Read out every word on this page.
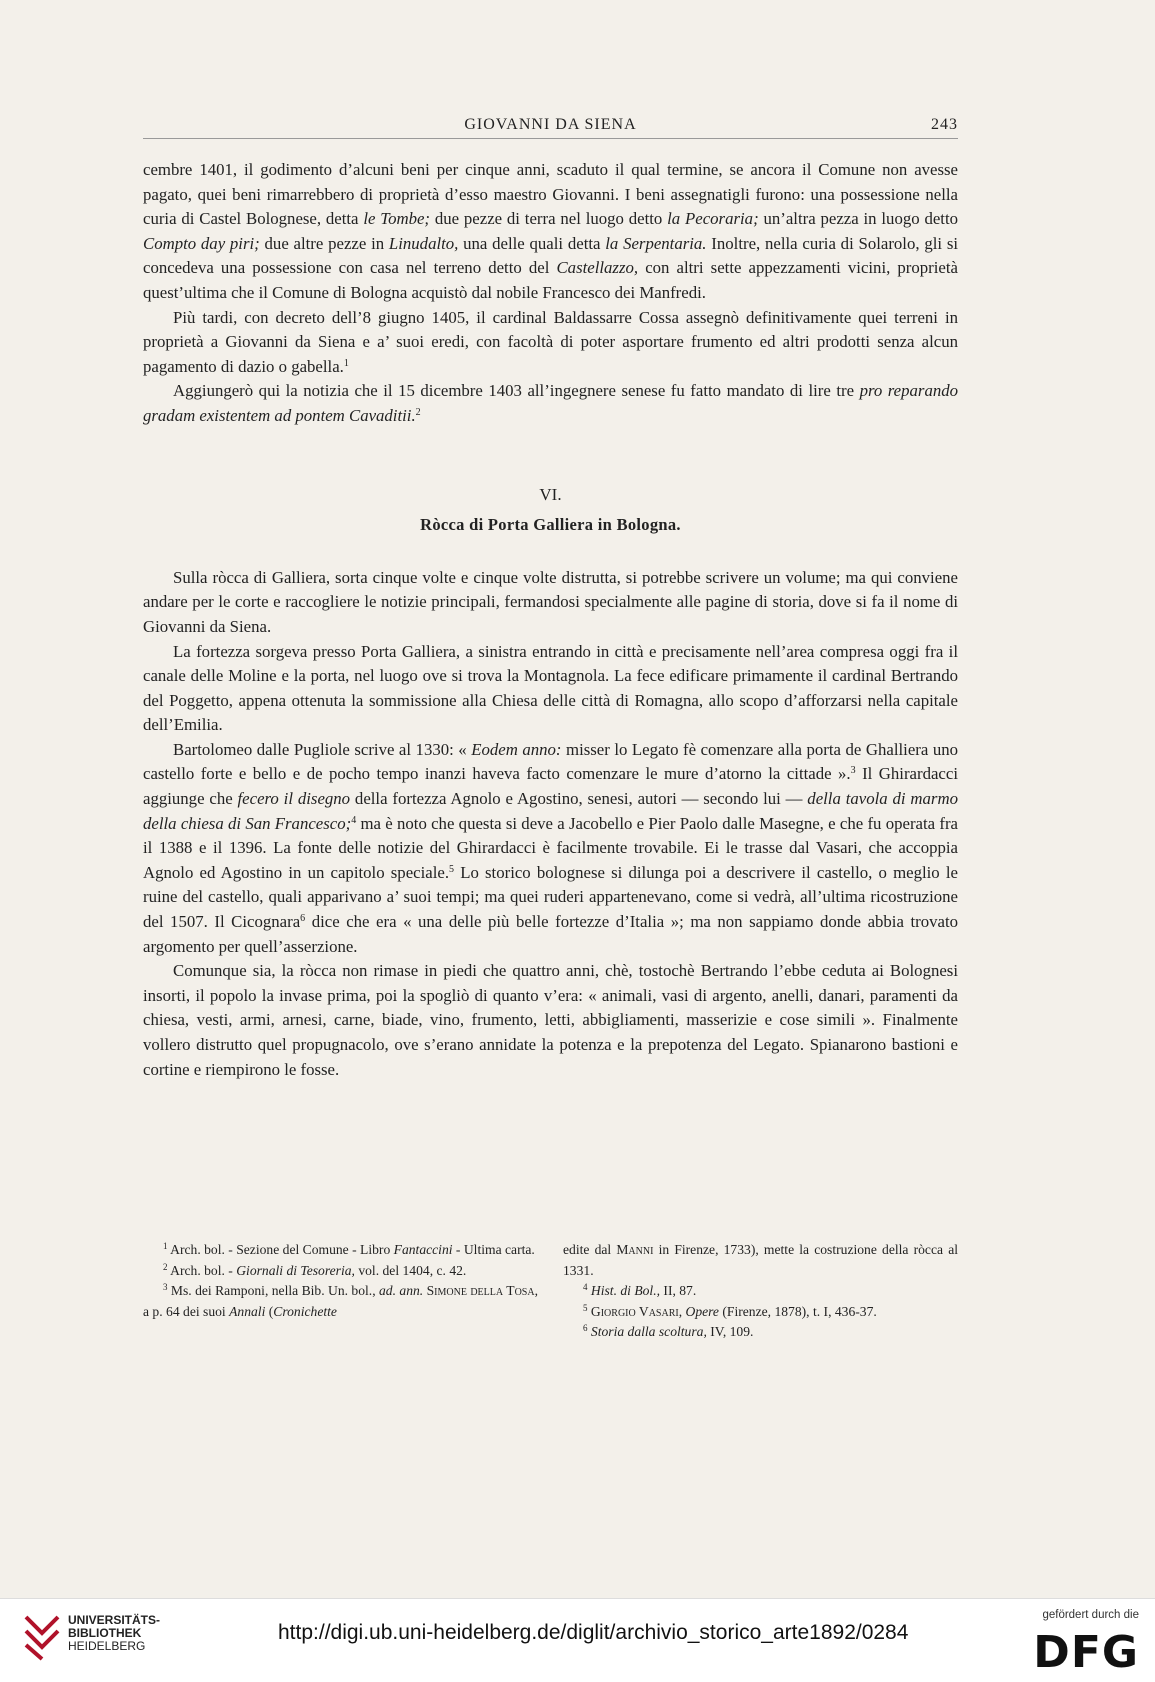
GIOVANNI DA SIENA	243

cembre 1401, il godimento d’alcuni beni per cinque anni, scaduto il qual termine, se ancora il Comune non avesse pagato, quei beni rimarrebbero di proprietà d’esso maestro Giovanni. I beni assegnatigli furono: una possessione nella curia di Castel Bolognese, detta le Tombe; due pezze di terra nel luogo detto la Pecoraria; un’altra pezza in luogo detto Compto day piri; due altre pezze in Linudalto, una delle quali detta la Serpentaria. Inoltre, nella curia di Solarolo, gli si concedeva una possessione con casa nel terreno detto del Castellazzo, con altri sette appezzamenti vicini, proprietà quest’ultima che il Comune di Bologna acquistò dal nobile Francesco dei Manfredi.

Più tardi, con decreto dell’8 giugno 1405, il cardinal Baldassarre Cossa assegnò definitivamente quei terreni in proprietà a Giovanni da Siena e a’ suoi eredi, con facoltà di poter asportare frumento ed altri prodotti senza alcun pagamento di dazio o gabella.$^1$

Aggiungerò qui la notizia che il 15 dicembre 1403 all’ingegnere senese fu fatto mandato di lire tre pro reparando gradam existentem ad pontem Cavaditii.$^2$

VI.
Ròcca di Porta Galliera in Bologna.

Sulla ròcca di Galliera, sorta cinque volte e cinque volte distrutta, si potrebbe scrivere un volume; ma qui conviene andare per le corte e raccogliere le notizie principali, fermandosi specialmente alle pagine di storia, dove si fa il nome di Giovanni da Siena.

La fortezza sorgeva presso Porta Galliera, a sinistra entrando in città e precisamente nell’area compresa oggi fra il canale delle Moline e la porta, nel luogo ove si trova la Montagnola. La fece edificare primamente il cardinal Bertrando del Poggetto, appena ottenuta la sommissione alla Chiesa delle città di Romagna, allo scopo d’afforzarsi nella capitale dell’Emilia.

Bartolomeo dalle Pugliole scrive al 1330: « Eodem anno: misser lo Legato fè comenzare alla porta de Ghalliera uno castello forte e bello e de pocho tempo inanzi haveva facto comenzare le mure d’atorno la cittade ».$^3$ Il Ghirardacci aggiunge che fecero il disegno della fortezza Agnolo e Agostino, senesi, autori — secondo lui — della tavola di marmo della chiesa di San Francesco;$^4$ ma è noto che questa si deve a Jacobello e Pier Paolo dalle Masegne, e che fu operata fra il 1388 e il 1396. La fonte delle notizie del Ghirardacci è facilmente trovabile. Ei le trasse dal Vasari, che accoppia Agnolo ed Agostino in un capitolo speciale.$^5$ Lo storico bolognese si dilunga poi a descrivere il castello, o meglio le ruine del castello, quali apparivano a’ suoi tempi; ma quei ruderi appartenevano, come si vedrà, all’ultima ricostruzione del 1507. Il Cicognara$^6$ dice che era « una delle più belle fortezze d’Italia »; ma non sappiamo donde abbia trovato argomento per quell’asserzione.

Comunque sia, la ròcca non rimase in piedi che quattro anni, chè, tostochè Bertrando l’ebbe ceduta ai Bolognesi insorti, il popolo la invase prima, poi la spogliò di quanto v’era: « animali, vasi di argento, anelli, danari, paramenti da chiesa, vesti, armi, arnesi, carne, biade, vino, frumento, letti, abbigliamenti, masserizie e cose simili ». Finalmente vollero distrutto quel propugnacolo, ove s’erano annidate la potenza e la prepotenza del Legato. Spianarono bastioni e cortine e riempirono le fosse.

$^1$ Arch. bol. - Sezione del Comune - Libro Fantaccini - Ultima carta.

$^2$ Arch. bol. - Giornali di Tesoreria, vol. del 1404, c. 42.

$^3$ Ms. dei Ramponi, nella Bib. Un. bol., ad. ann. Simone della Tosa, a p. 64 dei suoi Annali (Cronichette

edite dal Manni in Firenze, 1733), mette la costruzione della ròcca al 1331.

$^4$ Hist. di Bol., II, 87.

$^5$ Giorgio Vasari, Opere (Firenze, 1878), t. I, 436-37.

$^6$ Storia dalla scoltura, IV, 109.

UNIVERSITÄTS-
BIBLIOTHEK
HEIDELBERG
http://digi.ub.uni-heidelberg.de/diglit/archivio_storico_arte1892/0284
gefördert durch die
DFG
